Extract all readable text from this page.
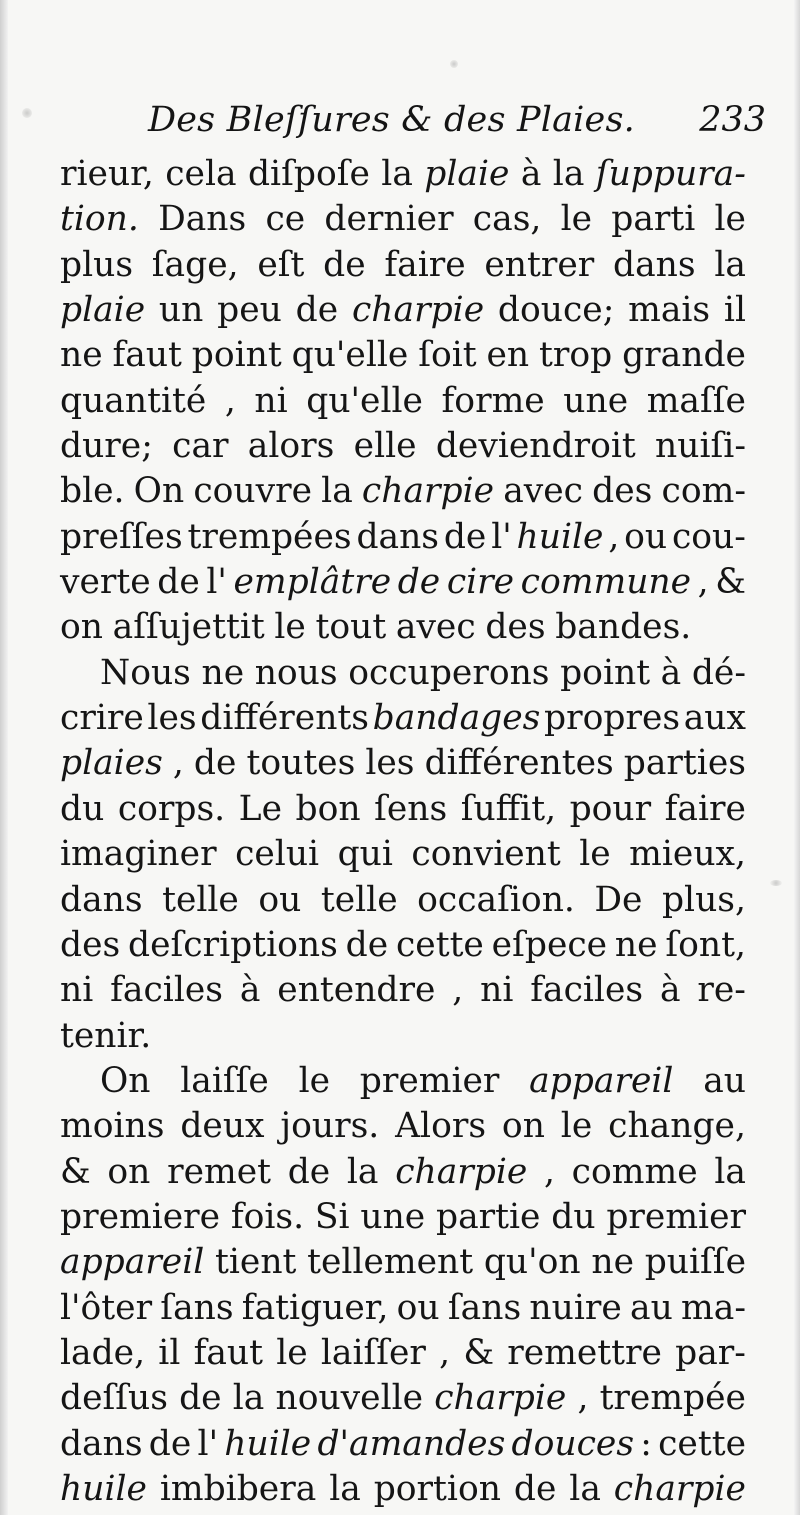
Des Bleſſures & des Plaies. 233
rieur, cela diſpoſe la plaie à la ſuppura-
tion. Dans ce dernier cas, le parti le
plus ſage, eſt de faire entrer dans la
plaie un peu de charpie douce; mais il
ne faut point qu'elle ſoit en trop grande
quantité , ni qu'elle forme une maſſe
dure; car alors elle deviendroit nuiſi-
ble. On couvre la charpie avec des com-
preſſes trempées dans de l' huile , ou cou-
verte de l' emplâtre de cire commune , &
on aſſujettit le tout avec des bandes.
Nous ne nous occuperons point à dé-
crire les différents bandages propres aux
plaies , de toutes les différentes parties
du corps. Le bon ſens ſuffit, pour faire
imaginer celui qui convient le mieux,
dans telle ou telle occaſion. De plus,
des deſcriptions de cette eſpece ne ſont,
ni faciles à entendre , ni faciles à re-
tenir.
On laiſſe le premier appareil au
moins deux jours. Alors on le change,
& on remet de la charpie , comme la
premiere fois. Si une partie du premier
appareil tient tellement qu'on ne puiſſe
l'ôter ſans fatiguer, ou ſans nuire au ma-
lade, il faut le laiſſer , & remettre par-
deſſus de la nouvelle charpie , trempée
dans de l' huile d'amandes douces : cette
huile imbibera la portion de la charpie
